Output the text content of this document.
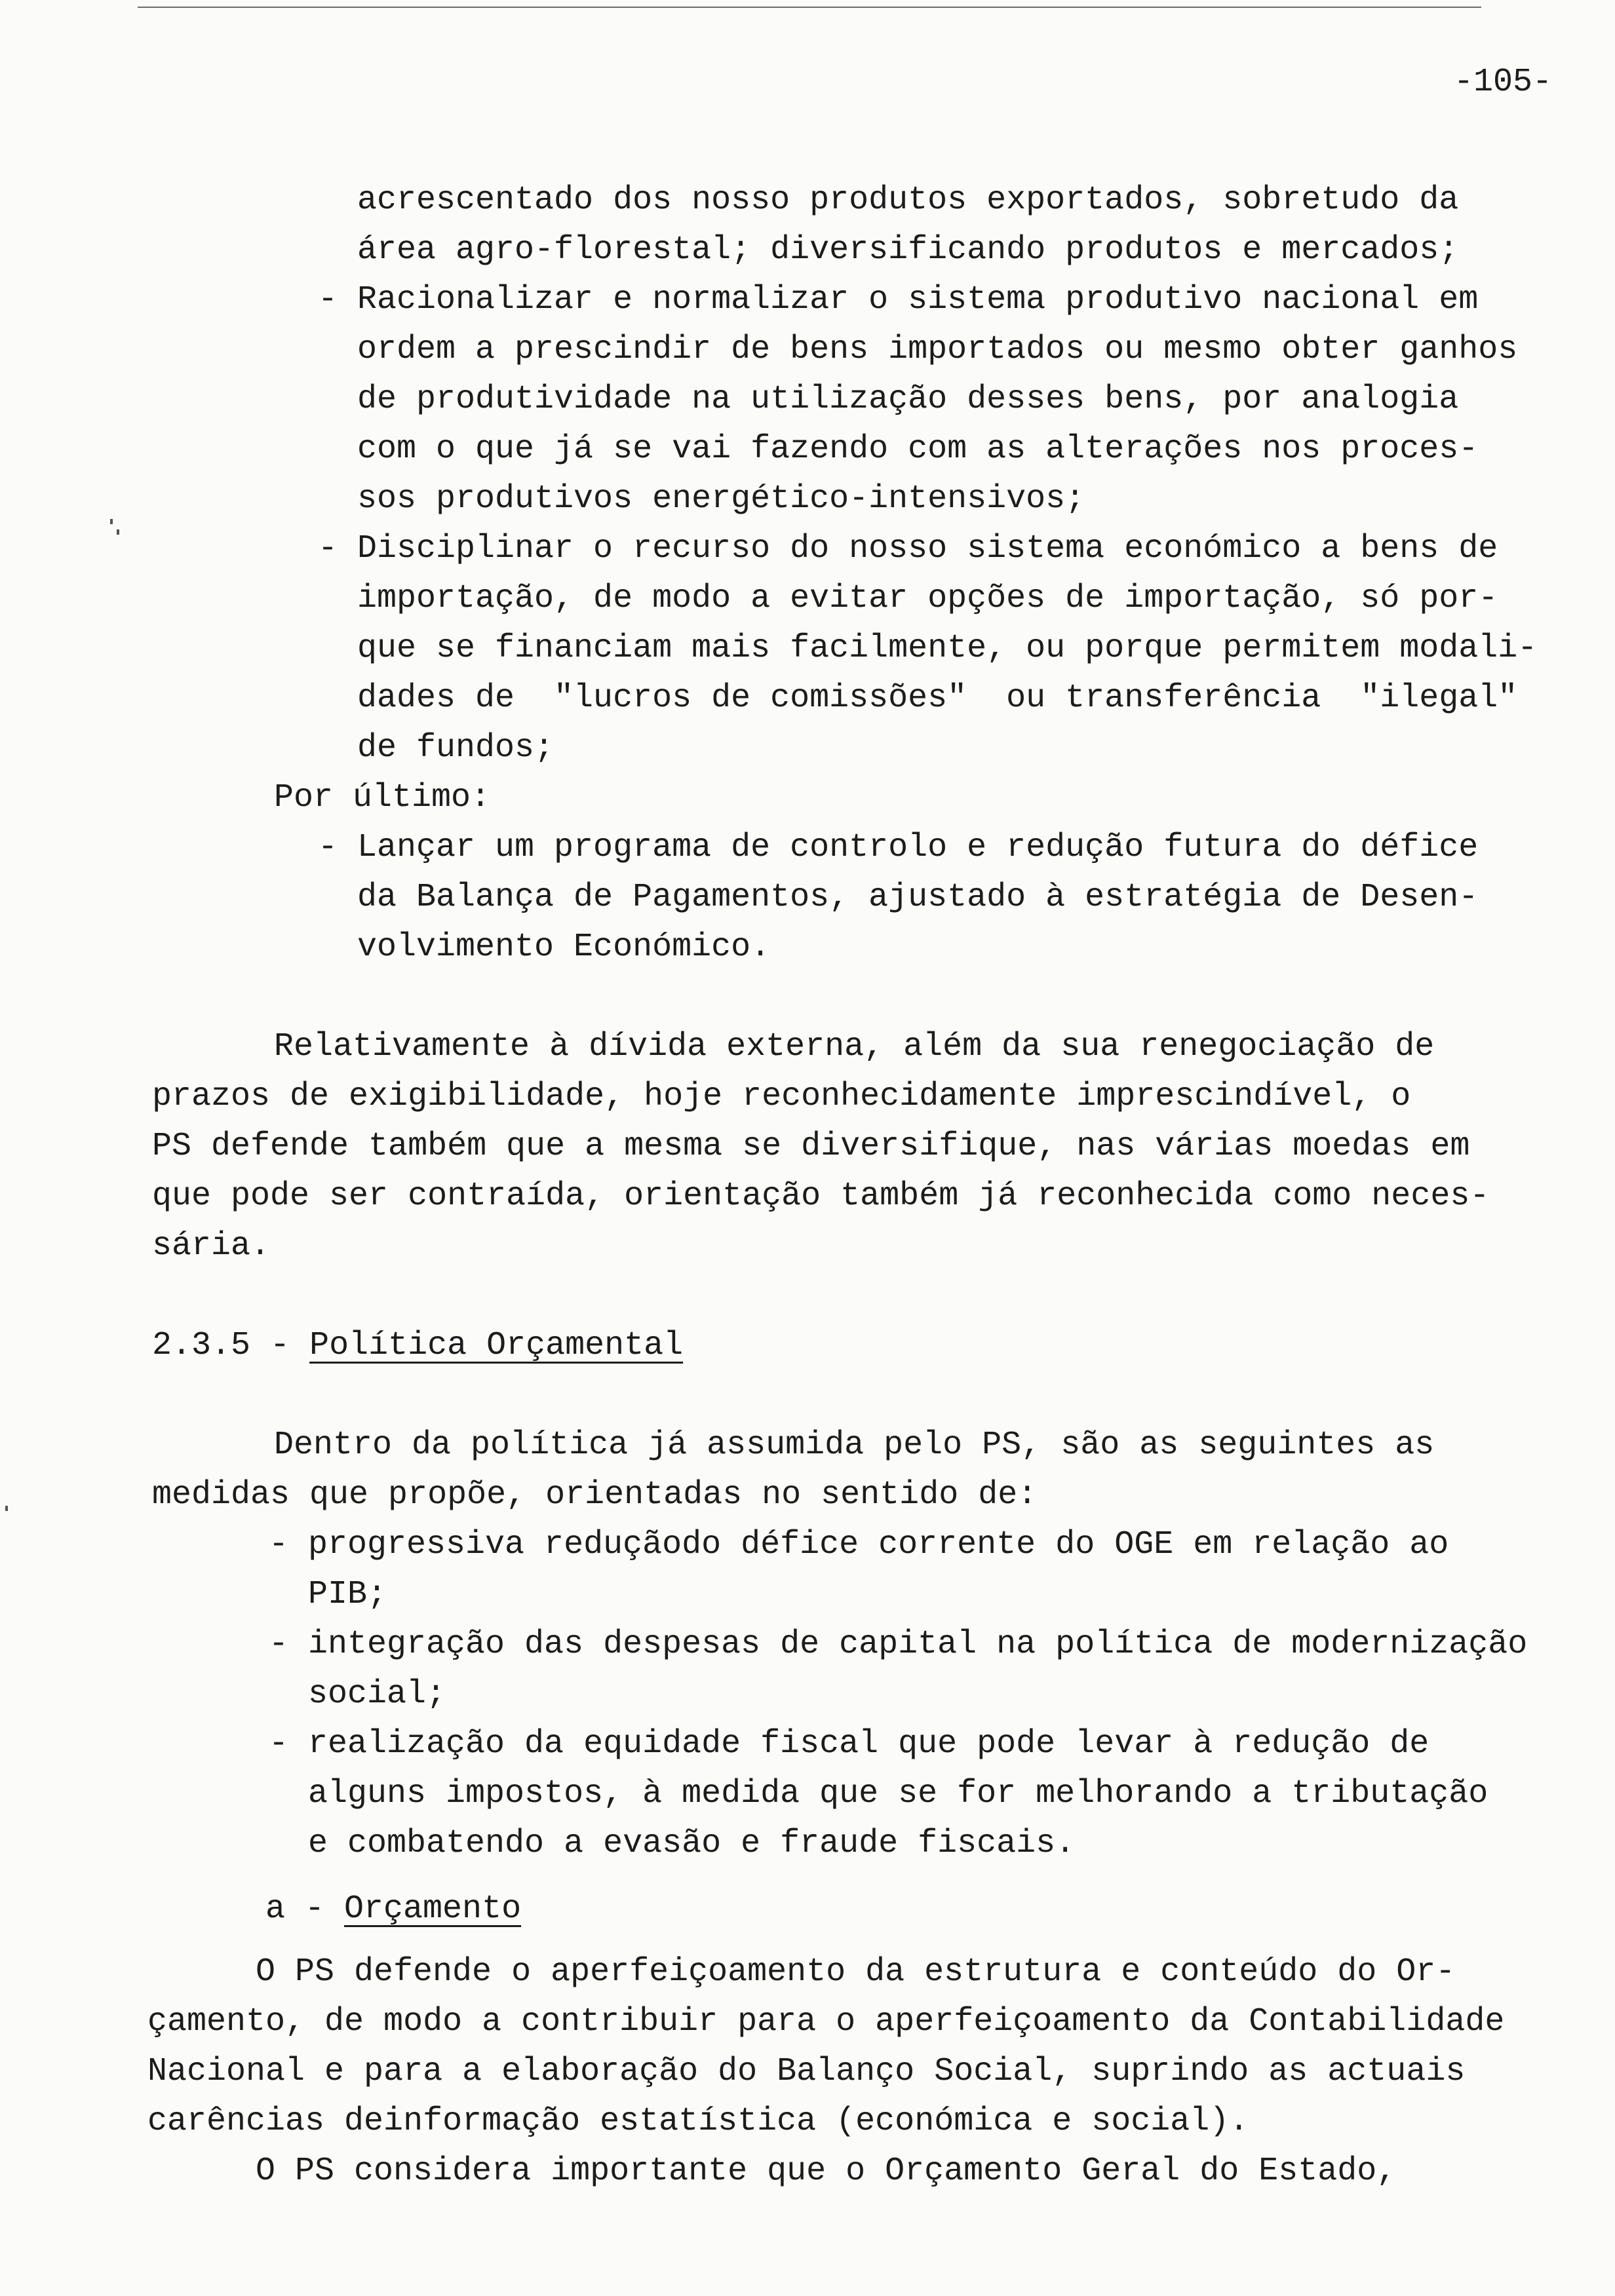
-105-
acrescentado dos nosso produtos exportados, sobretudo da
área agro-florestal; diversificando produtos e mercados;
- Racionalizar e normalizar o sistema produtivo nacional em
ordem a prescindir de bens importados ou mesmo obter ganhos
de produtividade na utilização desses bens, por analogia
com o que já se vai fazendo com as alterações nos proces-
sos produtivos energético-intensivos;
- Disciplinar o recurso do nosso sistema económico a bens de
importação, de modo a evitar opções de importação, só por-
que se financiam mais facilmente, ou porque permitem modali-
dades de  "lucros de comissões"  ou transferência  "ilegal"
de fundos;
Por último:
- Lançar um programa de controlo e redução futura do défice
da Balança de Pagamentos, ajustado à estratégia de Desen-
volvimento Económico.
Relativamente à dívida externa, além da sua renegociação de
prazos de exigibilidade, hoje reconhecidamente imprescindível, o
PS defende também que a mesma se diversifique, nas várias moedas em
que pode ser contraída, orientação também já reconhecida como neces-
sária.
2.3.5 - Política Orçamental
Dentro da política já assumida pelo PS, são as seguintes as
medidas que propõe, orientadas no sentido de:
- progressiva reduçãodo défice corrente do OGE em relação ao
PIB;
- integração das despesas de capital na política de modernização
social;
- realização da equidade fiscal que pode levar à redução de
alguns impostos, à medida que se for melhorando a tributação
e combatendo a evasão e fraude fiscais.
a - Orçamento
O PS defende o aperfeiçoamento da estrutura e conteúdo do Or-
çamento, de modo a contribuir para o aperfeiçoamento da Contabilidade
Nacional e para a elaboração do Balanço Social, suprindo as actuais
carências deinformação estatística (económica e social).
O PS considera importante que o Orçamento Geral do Estado,
